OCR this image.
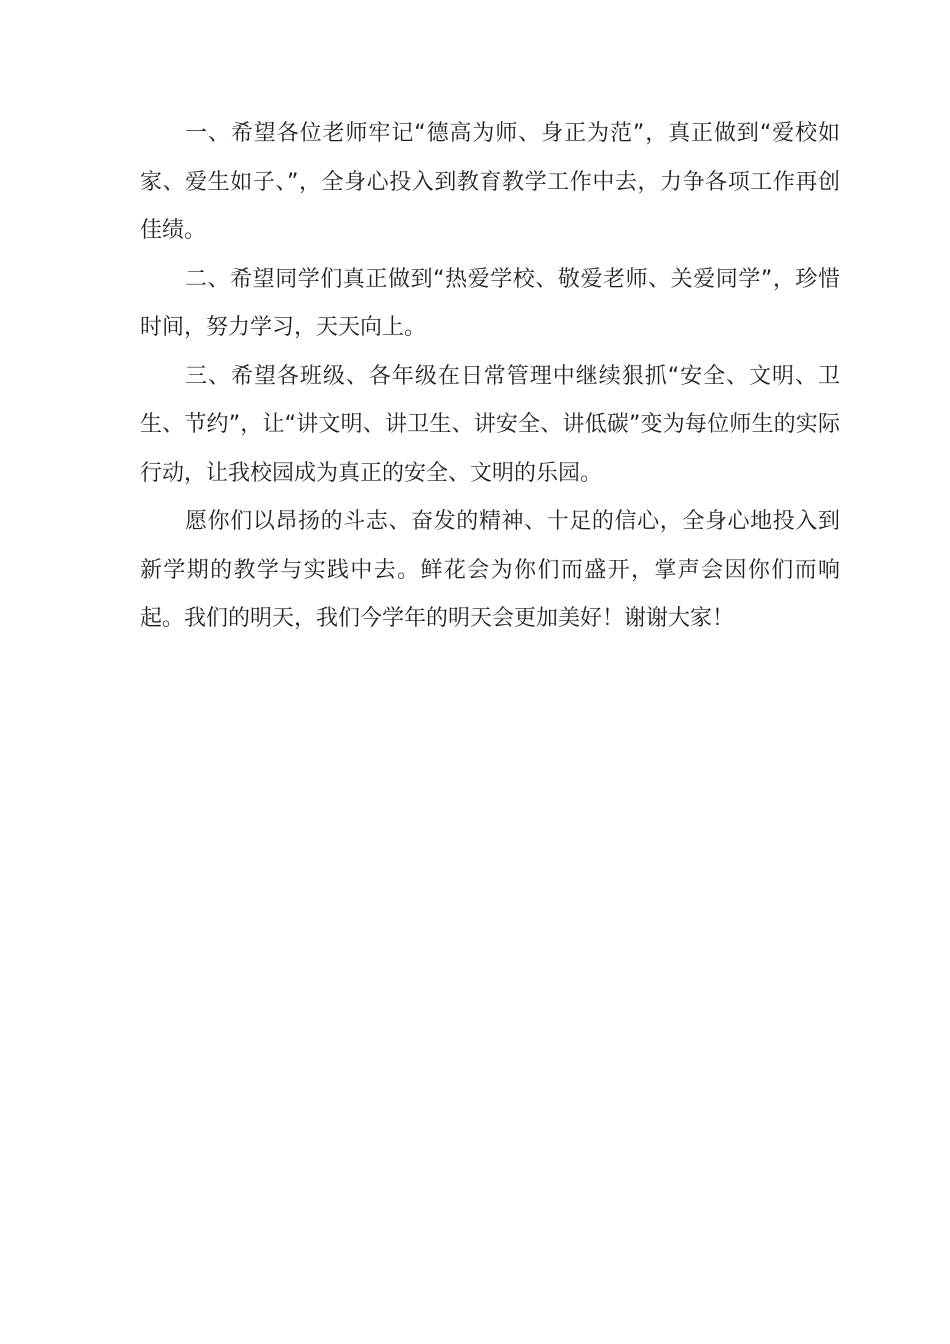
一、希望各位老师牢记“德高为师、身正为范”，真正做到“爱校如家、爱生如子、”，全身心投入到教育教学工作中去，力争各项工作再创佳绩。

二、希望同学们真正做到“热爱学校、敬爱老师、关爱同学”，珍惜时间，努力学习，天天向上。

三、希望各班级、各年级在日常管理中继续狠抓“安全、文明、卫生、节约”，让“讲文明、讲卫生、讲安全、讲低碳”变为每位师生的实际行动，让我校园成为真正的安全、文明的乐园。

愿你们以昂扬的斗志、奋发的精神、十足的信心，全身心地投入到新学期的教学与实践中去。鲜花会为你们而盛开，掌声会因你们而响起。我们的明天，我们今学年的明天会更加美好！谢谢大家！
